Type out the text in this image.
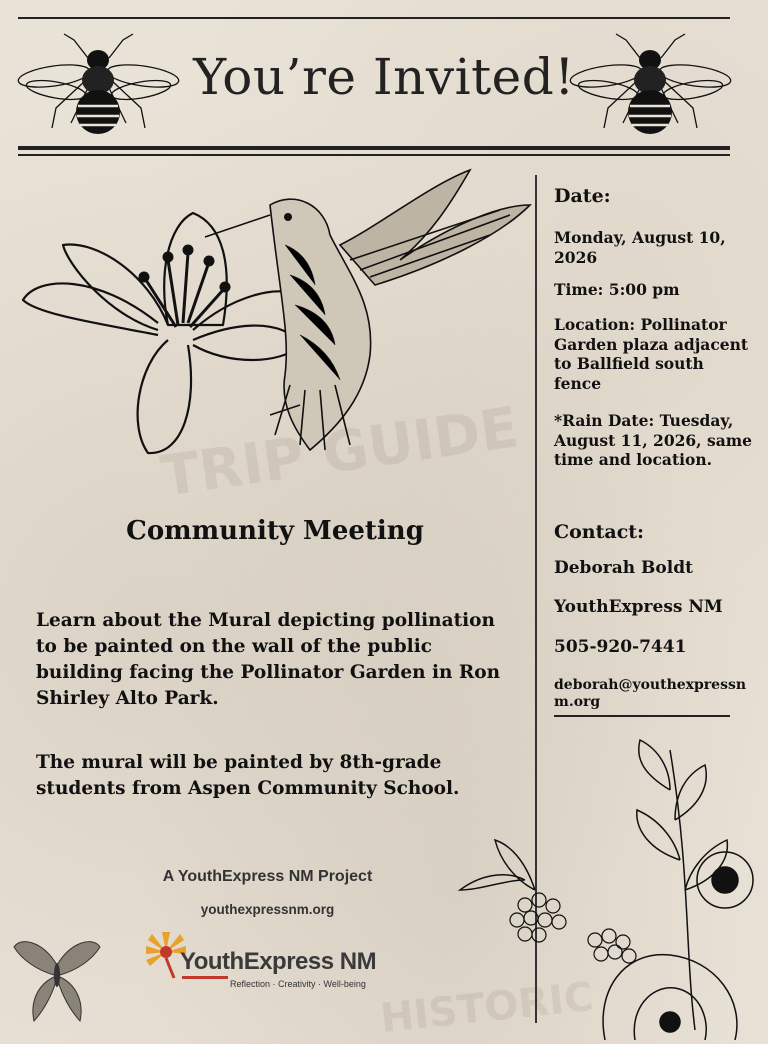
TRIP GUIDE
HISTORIC
You’re Invited!
Date:
Monday, August 10, 2026
Time: 5:00 pm
Location: Pollinator Garden plaza adjacent to Ballfield south fence
*Rain Date: Tuesday, August 11, 2026, same time and location.
Contact:
Deborah Boldt
YouthExpress NM
505-920-7441
deborah@youthexpressnm.org
Community Meeting
Learn about the Mural depicting pollination to be painted on the wall of the public building facing the Pollinator Garden in Ron Shirley Alto Park.
The mural will be painted by 8th-grade students from Aspen Community School.
A YouthExpress NM Project
youthexpressnm.org
YouthExpress NM
Reflection · Creativity · Well-being
